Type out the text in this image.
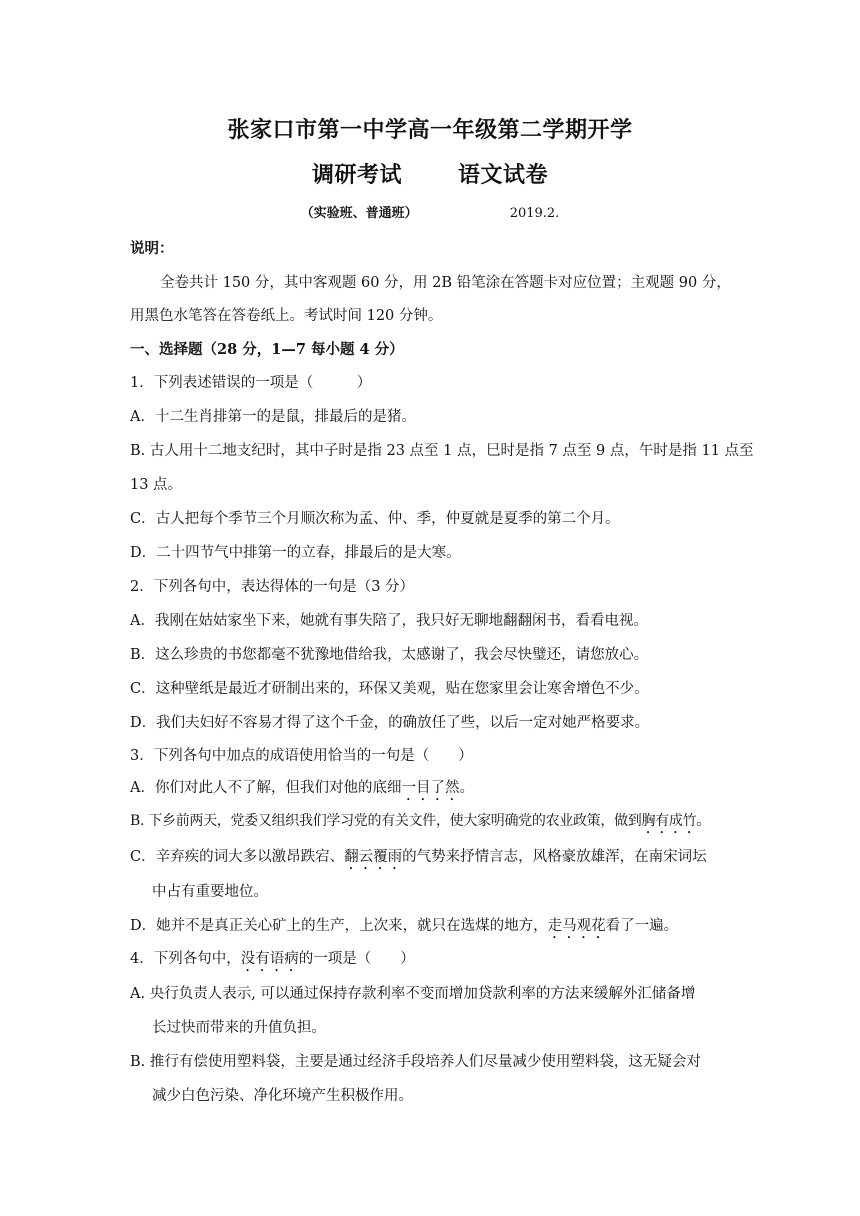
张家口市第一中学高一年级第二学期开学
调研考试	语文试卷
（实验班、普通班）	2019.2.
说明：
全卷共计 150 分，其中客观题 60 分，用 2B 铅笔涂在答题卡对应位置；主观题 90 分，
用黑色水笔答在答卷纸上。考试时间 120 分钟。
一、选择题（28 分，1—7 每小题 4 分）
1．下列表述错误的一项是（　　　）
A．十二生肖排第一的是鼠，排最后的是猪。
B. 古人用十二地支纪时，其中子时是指 23 点至 1 点，巳时是指 7 点至 9 点，午时是指 11 点至
13 点。
C．古人把每个季节三个月顺次称为孟、仲、季，仲夏就是夏季的第二个月。
D．二十四节气中排第一的立春，排最后的是大寒。
2．下列各句中，表达得体的一句是（3 分）
A．我刚在姑姑家坐下来，她就有事失陪了，我只好无聊地翻翻闲书，看看电视。
B．这么珍贵的书您都毫不犹豫地借给我，太感谢了，我会尽快璧还，请您放心。
C．这种壁纸是最近才研制出来的，环保又美观，贴在您家里会让寒舍增色不少。
D．我们夫妇好不容易才得了这个千金，的确放任了些，以后一定对她严格要求。
3．下列各句中加点的成语使用恰当的一句是（　　）
A．你们对此人不了解，但我们对他的底细一目了然。
B. 下乡前两天，党委又组织我们学习党的有关文件，使大家明确党的农业政策，做到胸有成竹。
C．辛弃疾的词大多以激昂跌宕、翻云覆雨的气势来抒情言志，风格豪放雄浑，在南宋词坛
中占有重要地位。
D．她并不是真正关心矿上的生产，上次来，就只在选煤的地方，走马观花看了一遍。
4．下列各句中，没有语病的一项是（　　）
A. 央行负责人表示, 可以通过保持存款利率不变而增加贷款利率的方法来缓解外汇储备增
长过快而带来的升值负担。
B. 推行有偿使用塑料袋，主要是通过经济手段培养人们尽量减少使用塑料袋，这无疑会对
减少白色污染、净化环境产生积极作用。
